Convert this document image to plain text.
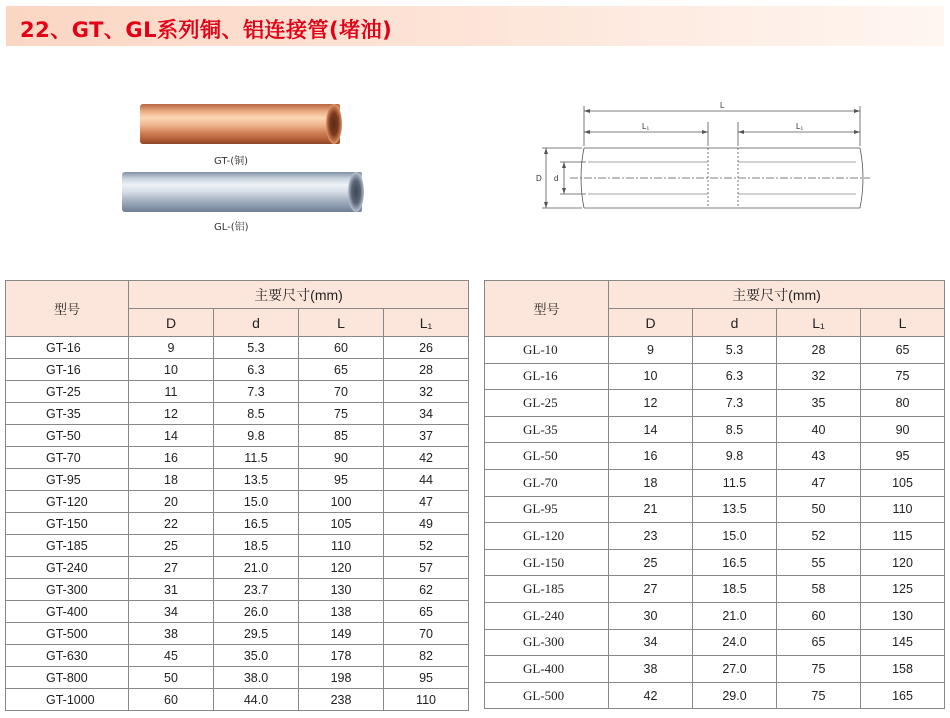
22、GT、GL系列铜、铝连接管(堵油)
GT-(铜)
GL-(铝)
L
L₁	L₁
D d
型号	主要尺寸(mm)			
	D	d	L	L₁
GT-16	9	5.3	60	26
GT-16	10	6.3	65	28
GT-25	11	7.3	70	32
GT-35	12	8.5	75	34
GT-50	14	9.8	85	37
GT-70	16	11.5	90	42
GT-95	18	13.5	95	44
GT-120	20	15.0	100	47
GT-150	22	16.5	105	49
GT-185	25	18.5	110	52
GT-240	27	21.0	120	57
GT-300	31	23.7	130	62
GT-400	34	26.0	138	65
GT-500	38	29.5	149	70
GT-630	45	35.0	178	82
GT-800	50	38.0	198	95
GT-1000	60	44.0	238	110
型号	主要尺寸(mm)			
	D	d	L₁	L
GL-10	9	5.3	28	65
GL-16	10	6.3	32	75
GL-25	12	7.3	35	80
GL-35	14	8.5	40	90
GL-50	16	9.8	43	95
GL-70	18	11.5	47	105
GL-95	21	13.5	50	110
GL-120	23	15.0	52	115
GL-150	25	16.5	55	120
GL-185	27	18.5	58	125
GL-240	30	21.0	60	130
GL-300	34	24.0	65	145
GL-400	38	27.0	75	158
GL-500	42	29.0	75	165
